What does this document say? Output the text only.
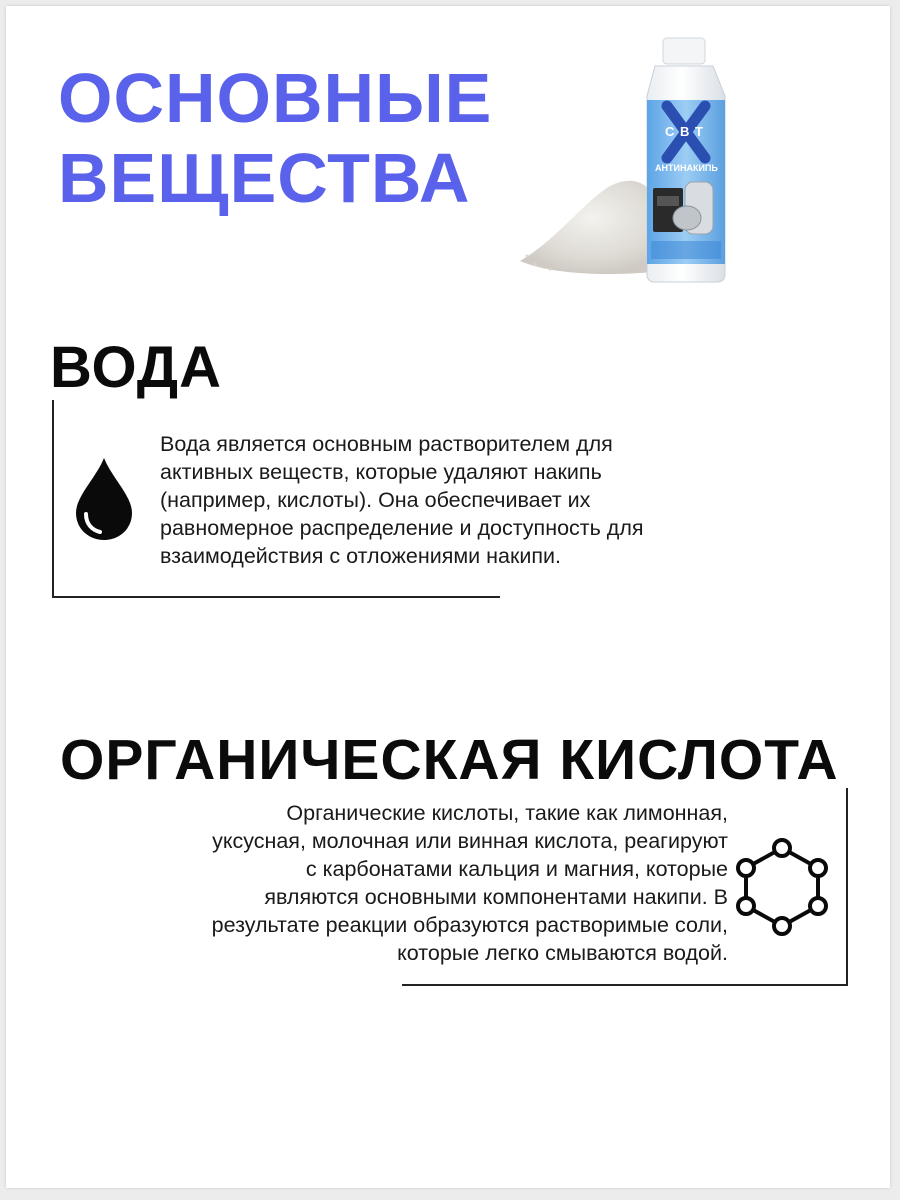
ОСНОВНЫЕ
ВЕЩЕСТВА
С В Т
АНТИНАКИПЬ
ВОДА

Вода является основным растворителем для
активных веществ, которые удаляют накипь
(например, кислоты). Она обеспечивает их
равномерное распределение и доступность для
взаимодействия с отложениями накипи.

ОРГАНИЧЕСКАЯ КИСЛОТА

Органические кислоты, такие как лимонная,
уксусная, молочная или винная кислота, реагируют
с карбонатами кальция и магния, которые
являются основными компонентами накипи. В
результате реакции образуются растворимые соли,
которые легко смываются водой.
